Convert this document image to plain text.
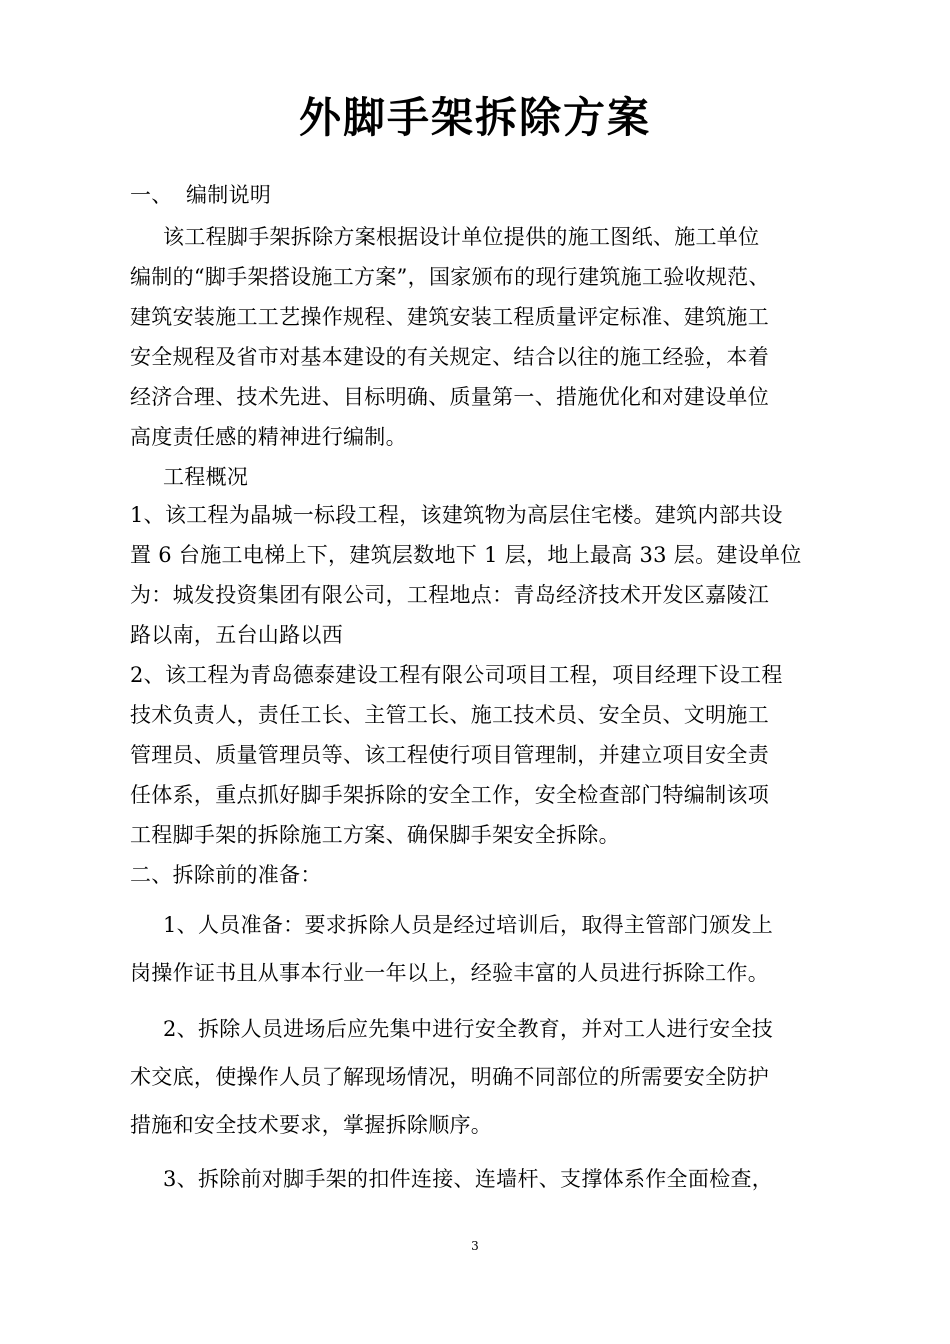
外脚手架拆除方案
一、 编制说明
该工程脚手架拆除方案根据设计单位提供的施工图纸、施工单位
编制的“脚手架搭设施工方案”，国家颁布的现行建筑施工验收规范、
建筑安装施工工艺操作规程、建筑安装工程质量评定标准、建筑施工
安全规程及省市对基本建设的有关规定、结合以往的施工经验，本着
经济合理、技术先进、目标明确、质量第一、措施优化和对建设单位
高度责任感的精神进行编制。
工程概况
1、该工程为晶城一标段工程，该建筑物为高层住宅楼。建筑内部共设
置 6 台施工电梯上下，建筑层数地下 1 层，地上最高 33 层。建设单位
为：城发投资集团有限公司，工程地点：青岛经济技术开发区嘉陵江
路以南，五台山路以西
2、该工程为青岛德泰建设工程有限公司项目工程，项目经理下设工程
技术负责人，责任工长、主管工长、施工技术员、安全员、文明施工
管理员、质量管理员等、该工程使行项目管理制，并建立项目安全责
任体系，重点抓好脚手架拆除的安全工作，安全检查部门特编制该项
工程脚手架的拆除施工方案、确保脚手架安全拆除。
二、拆除前的准备：
1、人员准备：要求拆除人员是经过培训后，取得主管部门颁发上
岗操作证书且从事本行业一年以上，经验丰富的人员进行拆除工作。
2、拆除人员进场后应先集中进行安全教育，并对工人进行安全技
术交底，使操作人员了解现场情况，明确不同部位的所需要安全防护
措施和安全技术要求，掌握拆除顺序。
3、拆除前对脚手架的扣件连接、连墙杆、支撑体系作全面检查，
3
